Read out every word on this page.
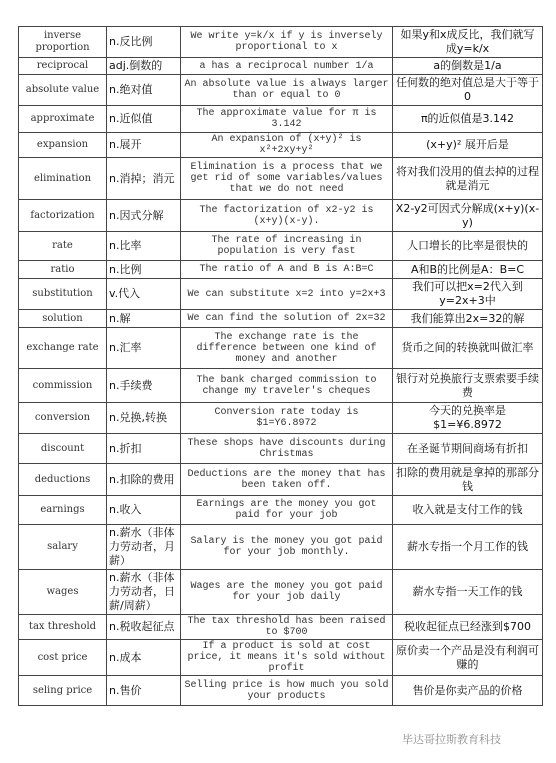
inverse proportion	n.反比例	We write y=k/x if y is inversely proportional to x	如果y和x成反比，我们就写成y=k/x
reciprocal	adj.倒数的	a has a reciprocal number 1/a	a的倒数是1/a
absolute value	n.绝对值	An absolute value is always larger than or equal to 0	任何数的绝对值总是大于等于0
approximate	n.近似值	The approximate value for π is 3.142	π的近似值是3.142
expansion	n.展开	An expansion of (x+y)² is x²+2xy+y²	(x+y)² 展开后是
elimination	n.消掉；消元	Elimination is a process that we get rid of some variables/values that we do not need	将对我们没用的值去掉的过程就是消元
factorization	n.因式分解	The factorization of x2-y2 is (x+y)(x-y).	X2-y2可因式分解成(x+y)(x-y)
rate	n.比率	The rate of increasing in population is very fast	人口增长的比率是很快的
ratio	n.比例	The ratio of A and B is A:B=C	A和B的比例是A：B=C
substitution	v.代入	We can substitute x=2 into y=2x+3	我们可以把x=2代入到y=2x+3中
solution	n.解	We can find the solution of 2x=32	我们能算出2x=32的解
exchange rate	n.汇率	The exchange rate is the difference between one kind of money and another	货币之间的转换就叫做汇率
commission	n.手续费	The bank charged commission to change my traveler's cheques	银行对兑换旅行支票索要手续费
conversion	n.兑换,转换	Conversion rate today is $1=Y6.8972	今天的兑换率是$1=¥6.8972
discount	n.折扣	These shops have discounts during Christmas	在圣诞节期间商场有折扣
deductions	n.扣除的费用	Deductions are the money that has been taken off.	扣除的费用就是拿掉的那部分钱
earnings	n.收入	Earnings are the money you got paid for your job	收入就是支付工作的钱
salary	n.薪水（非体力劳动者，月薪）	Salary is the money you got paid for your job monthly.	薪水专指一个月工作的钱
wages	n.薪水（非体力劳动者，日薪/周薪）	Wages are the money you got paid for your job daily	薪水专指一天工作的钱
tax threshold	n.税收起征点	The tax threshold has been raised to $700	税收起征点已经涨到$700
cost price	n.成本	If a product is sold at cost price, it means it's sold without profit	原价卖一个产品是没有利润可赚的
seling price	n.售价	Selling price is how much you sold your products	售价是你卖产品的价格
毕达哥拉斯教育科技
